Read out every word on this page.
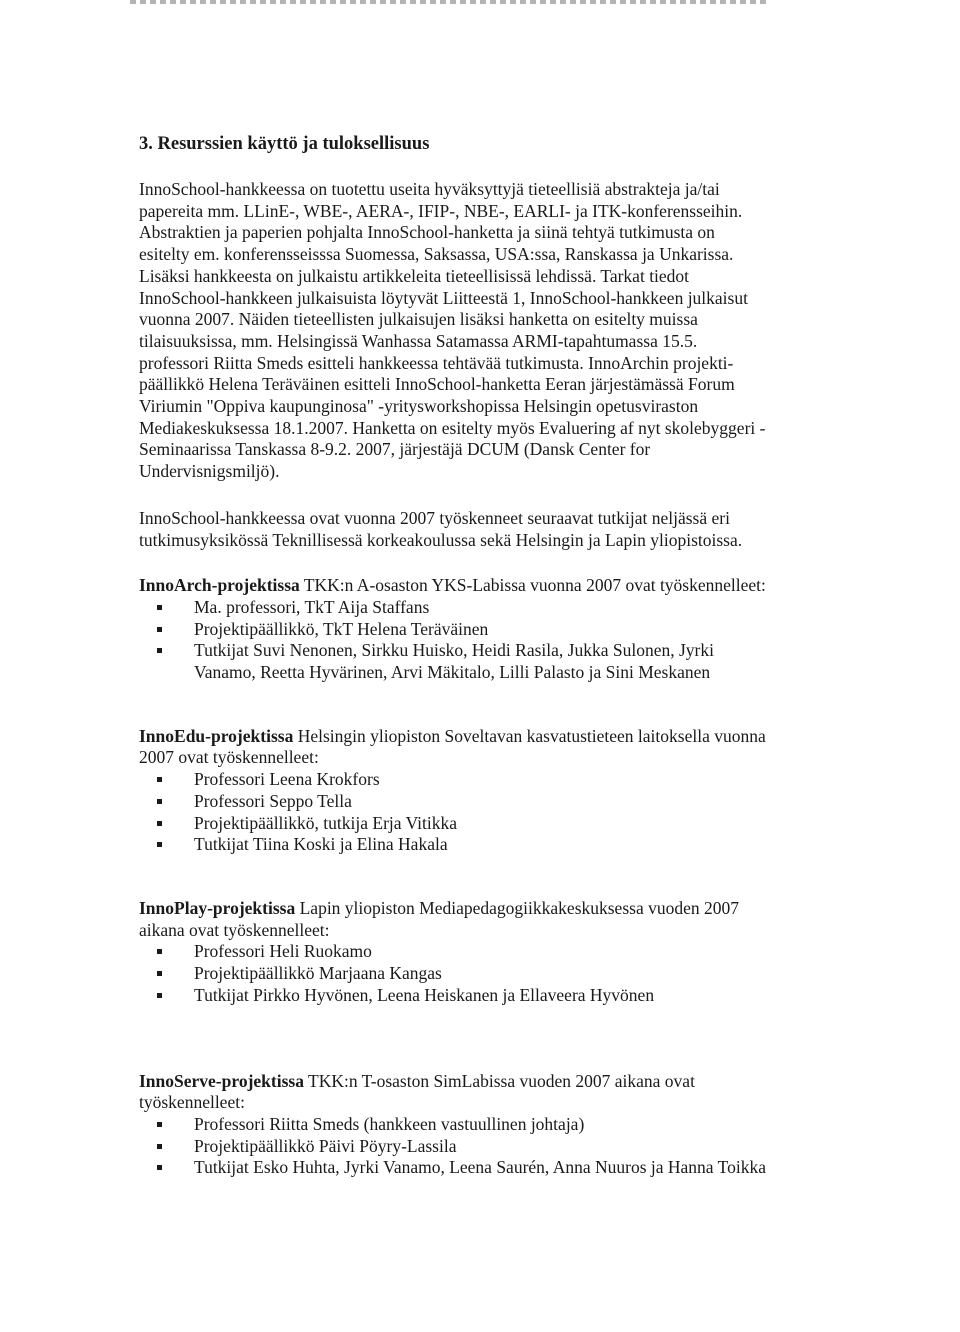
3. Resurssien käyttö ja tuloksellisuus

InnoSchool-hankkeessa on tuotettu useita hyväksyttyjä tieteellisiä abstrakteja ja/tai
papereita mm. LLinE-, WBE-, AERA-, IFIP-, NBE-, EARLI- ja ITK-konferensseihin.
Abstraktien ja paperien pohjalta InnoSchool-hanketta ja siinä tehtyä tutkimusta on
esitelty em. konferensseisssa Suomessa, Saksassa, USA:ssa, Ranskassa ja Unkarissa.
Lisäksi hankkeesta on julkaistu artikkeleita tieteellisissä lehdissä. Tarkat tiedot
InnoSchool-hankkeen julkaisuista löytyvät Liitteestä 1, InnoSchool-hankkeen julkaisut
vuonna 2007. Näiden tieteellisten julkaisujen lisäksi hanketta on esitelty muissa
tilaisuuksissa, mm. Helsingissä Wanhassa Satamassa ARMI-tapahtumassa 15.5.
professori Riitta Smeds esitteli hankkeessa tehtävää tutkimusta. InnoArchin projekti-
päällikkö Helena Teräväinen esitteli InnoSchool-hanketta Eeran järjestämässä Forum
Viriumin "Oppiva kaupunginosa" -yritysworkshopissa Helsingin opetusviraston
Mediakeskuksessa 18.1.2007. Hanketta on esitelty myös Evaluering af nyt skolebyggeri -
Seminaarissa Tanskassa 8-9.2. 2007, järjestäjä DCUM (Dansk Center for
Undervisnigsmiljö).

InnoSchool-hankkeessa ovat vuonna 2007 työskenneet seuraavat tutkijat neljässä eri
tutkimusyksikössä Teknillisessä korkeakoulussa sekä Helsingin ja Lapin yliopistoissa.

InnoArch-projektissa TKK:n A-osaston YKS-Labissa vuonna 2007 ovat työskennelleet:

Ma. professori, TkT Aija Staffans
Projektipäällikkö, TkT Helena Teräväinen
Tutkijat Suvi Nenonen, Sirkku Huisko, Heidi Rasila, Jukka Sulonen, Jyrki
Vanamo, Reetta Hyvärinen, Arvi Mäkitalo, Lilli Palasto ja Sini Meskanen

InnoEdu-projektissa Helsingin yliopiston Soveltavan kasvatustieteen laitoksella vuonna
2007 ovat työskennelleet:

Professori Leena Krokfors
Professori Seppo Tella
Projektipäällikkö, tutkija Erja Vitikka
Tutkijat Tiina Koski ja Elina Hakala

InnoPlay-projektissa Lapin yliopiston Mediapedagogiikkakeskuksessa vuoden 2007
aikana ovat työskennelleet:

Professori Heli Ruokamo
Projektipäällikkö Marjaana Kangas
Tutkijat Pirkko Hyvönen, Leena Heiskanen ja Ellaveera Hyvönen

InnoServe-projektissa TKK:n T-osaston SimLabissa vuoden 2007 aikana ovat
työskennelleet:

Professori Riitta Smeds (hankkeen vastuullinen johtaja)
Projektipäällikkö Päivi Pöyry-Lassila
Tutkijat Esko Huhta, Jyrki Vanamo, Leena Saurén, Anna Nuuros ja Hanna Toikka
